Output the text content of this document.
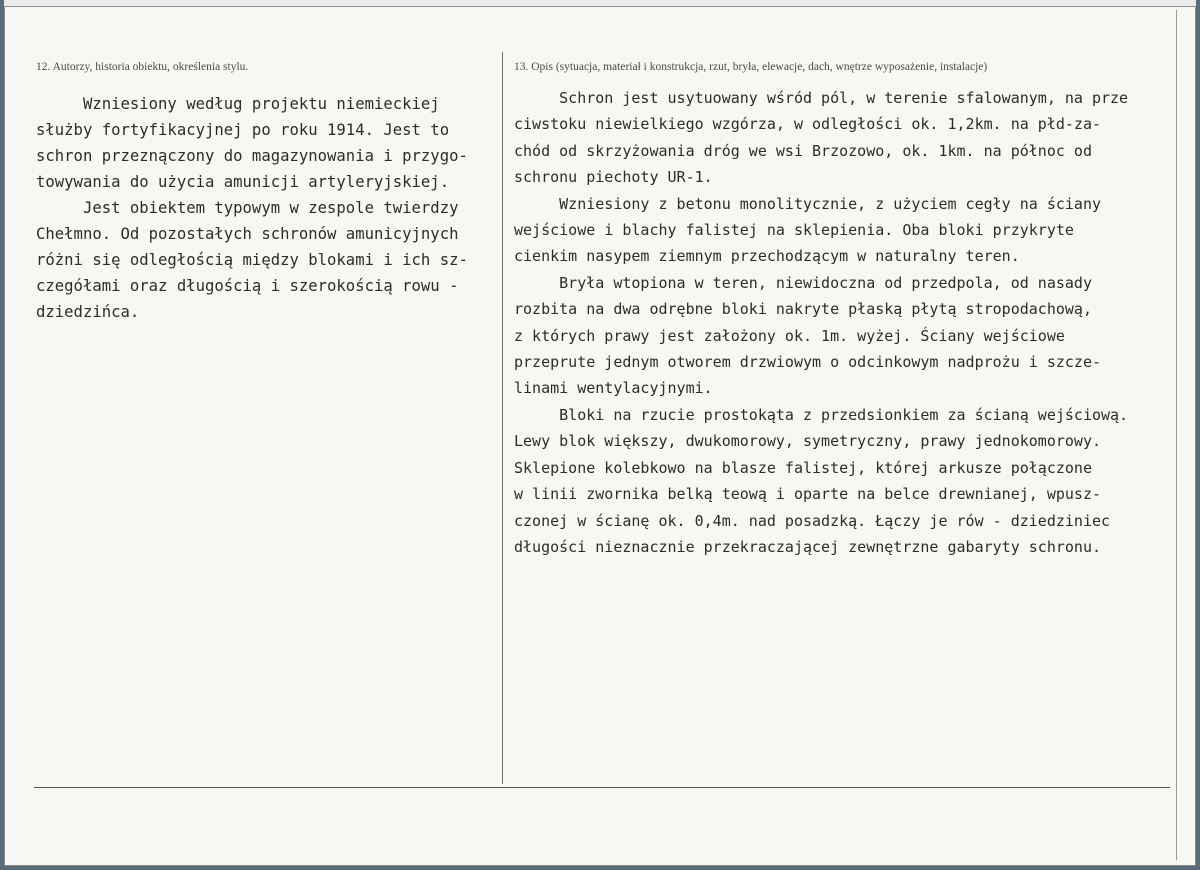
12. Autorzy, historia obiektu, określenia stylu.
Wzniesiony według projektu niemieckiej
służby fortyfikacyjnej po roku 1914. Jest to
schron przeznączony do magazynowania i przygo-
towywania do użycia amunicji artyleryjskiej.
Jest obiektem typowym w zespole twierdzy
Chełmno. Od pozostałych schronów amunicyjnych
różni się odległością między blokami i ich sz-
czegółami oraz długością i szerokością rowu -
dziedzińca.
13. Opis (sytuacja, materiał i konstrukcja, rzut, bryła, elewacje, dach, wnętrze wyposażenie, instalacje)
Schron jest usytuowany wśród pól, w terenie sfalowanym, na prze
ciwstoku niewielkiego wzgórza, w odległości ok. 1,2km. na płd-za-
chód od skrzyżowania dróg we wsi Brzozowo, ok. 1km. na północ od
schronu piechoty UR-1.
Wzniesiony z betonu monolitycznie, z użyciem cegły na ściany
wejściowe i blachy falistej na sklepienia. Oba bloki przykryte
cienkim nasypem ziemnym przechodzącym w naturalny teren.
Bryła wtopiona w teren, niewidoczna od przedpola, od nasady
rozbita na dwa odrębne bloki nakryte płaską płytą stropodachową,
z których prawy jest założony ok. 1m. wyżej. Ściany wejściowe
przeprute jednym otworem drzwiowym o odcinkowym nadprożu i szcze-
linami wentylacyjnymi.
Bloki na rzucie prostokąta z przedsionkiem za ścianą wejściową.
Lewy blok większy, dwukomorowy, symetryczny, prawy jednokomorowy.
Sklepione kolebkowo na blasze falistej, której arkusze połączone
w linii zwornika belką teową i oparte na belce drewnianej, wpusz-
czonej w ścianę ok. 0,4m. nad posadzką. Łączy je rów - dziedziniec
długości nieznacznie przekraczającej zewnętrzne gabaryty schronu.
